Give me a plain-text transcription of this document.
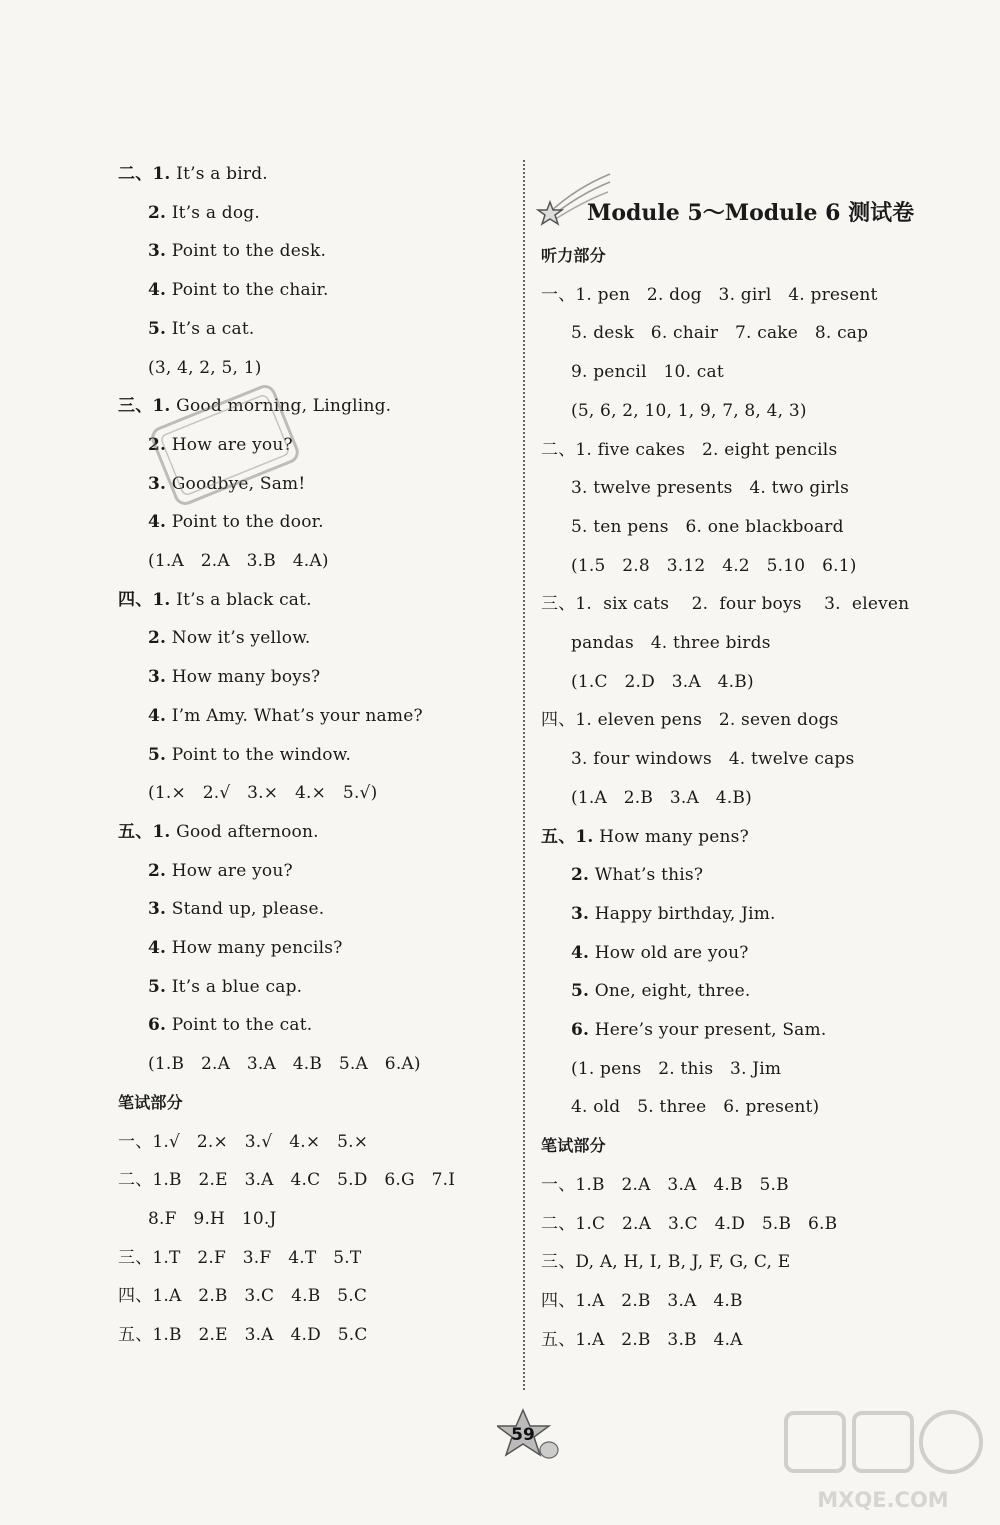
二、1. It’s a bird.
2. It’s a dog.
3. Point to the desk.
4. Point to the chair.
5. It’s a cat.
(3, 4, 2, 5, 1)
三、1. Good morning, Lingling.
2. How are you?
3. Goodbye, Sam!
4. Point to the door.
(1.A   2.A   3.B   4.A)
四、1. It’s a black cat.
2. Now it’s yellow.
3. How many boys?
4. I’m Amy. What’s your name?
5. Point to the window.
(1.×   2.√   3.×   4.×   5.√)
五、1. Good afternoon.
2. How are you?
3. Stand up, please.
4. How many pencils?
5. It’s a blue cap.
6. Point to the cat.
(1.B   2.A   3.A   4.B   5.A   6.A)
笔试部分
一、1.√   2.×   3.√   4.×   5.×
二、1.B   2.E   3.A   4.C   5.D   6.G   7.I
8.F   9.H   10.J
三、1.T   2.F   3.F   4.T   5.T
四、1.A   2.B   3.C   4.B   5.C
五、1.B   2.E   3.A   4.D   5.C
Module 5～Module 6 测试卷
听力部分
一、1. pen   2. dog   3. girl   4. present
5. desk   6. chair   7. cake   8. cap
9. pencil   10. cat
(5, 6, 2, 10, 1, 9, 7, 8, 4, 3)
二、1. five cakes   2. eight pencils
3. twelve presents   4. two girls
5. ten pens   6. one blackboard
(1.5   2.8   3.12   4.2   5.10   6.1)
三、1.  six cats    2.  four boys    3.  eleven
pandas   4. three birds
(1.C   2.D   3.A   4.B)
四、1. eleven pens   2. seven dogs
3. four windows   4. twelve caps
(1.A   2.B   3.A   4.B)
五、1. How many pens?
2. What’s this?
3. Happy birthday, Jim.
4. How old are you?
5. One, eight, three.
6. Here’s your present, Sam.
(1. pens   2. this   3. Jim
4. old   5. three   6. present)
笔试部分
一、1.B   2.A   3.A   4.B   5.B
二、1.C   2.A   3.C   4.D   5.B   6.B
三、D, A, H, I, B, J, F, G, C, E
四、1.A   2.B   3.A   4.B
五、1.A   2.B   3.B   4.A
59
MXQE.COM
